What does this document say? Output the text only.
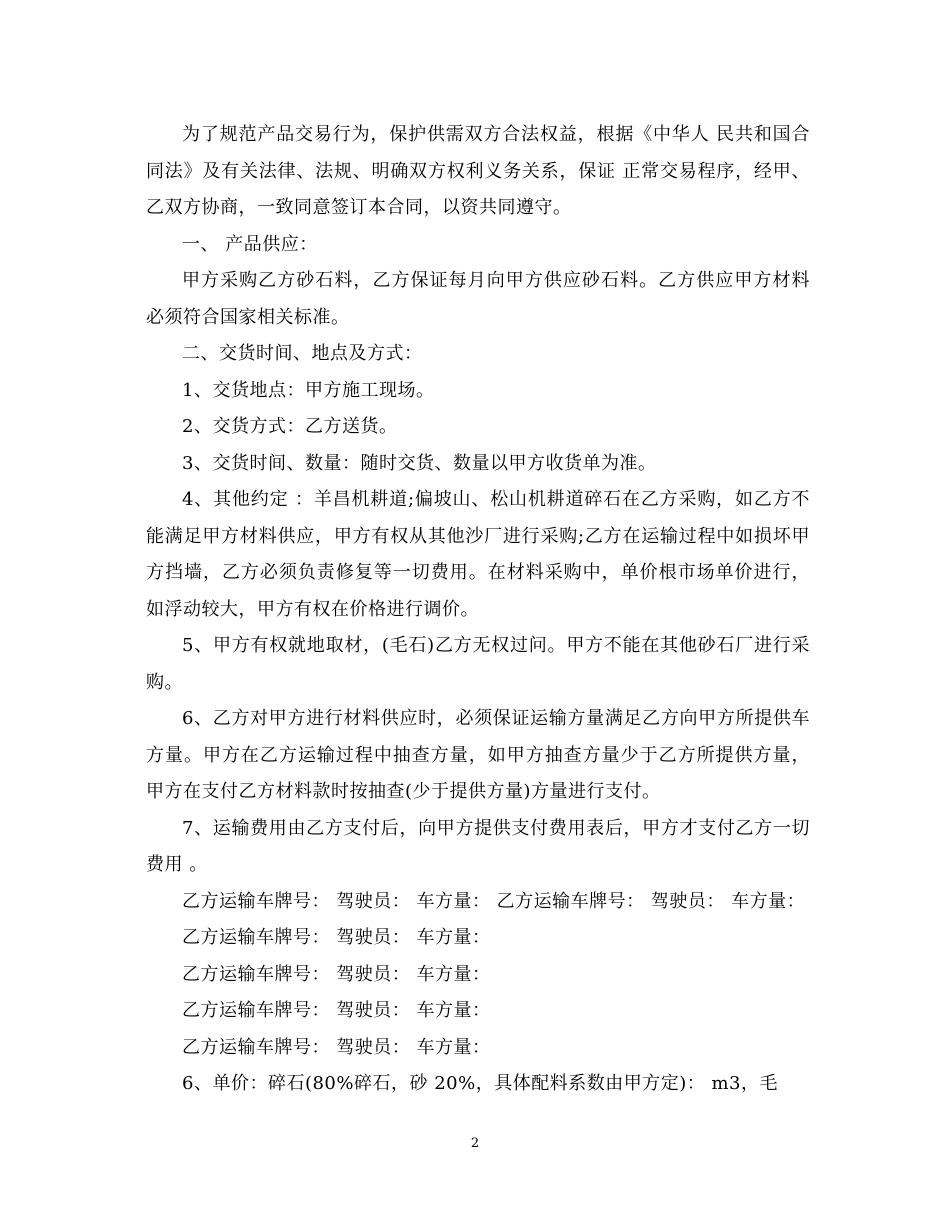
为了规范产品交易行为，保护供需双方合法权益，根据《中华人 民共和国合同法》及有关法律、法规、明确双方权利义务关系，保证 正常交易程序，经甲、乙双方协商，一致同意签订本合同，以资共同遵守。

一、 产品供应：

甲方采购乙方砂石料，乙方保证每月向甲方供应砂石料。乙方供应甲方材料必须符合国家相关标准。

二、交货时间、地点及方式：

1、交货地点：甲方施工现场。

2、交货方式：乙方送货。

3、交货时间、数量：随时交货、数量以甲方收货单为准。

4、其他约定 ：羊昌机耕道;偏坡山、松山机耕道碎石在乙方采购，如乙方不能满足甲方材料供应，甲方有权从其他沙厂进行采购;乙方在运输过程中如损坏甲方挡墙，乙方必须负责修复等一切费用。在材料采购中，单价根市场单价进行，如浮动较大，甲方有权在价格进行调价。

5、甲方有权就地取材，(毛石)乙方无权过问。甲方不能在其他砂石厂进行采购。

6、乙方对甲方进行材料供应时，必须保证运输方量满足乙方向甲方所提供车方量。甲方在乙方运输过程中抽查方量，如甲方抽查方量少于乙方所提供方量，甲方在支付乙方材料款时按抽查(少于提供方量)方量进行支付。

7、运输费用由乙方支付后，向甲方提供支付费用表后，甲方才支付乙方一切费用 。

乙方运输车牌号： 驾驶员： 车方量： 乙方运输车牌号： 驾驶员： 车方量：

乙方运输车牌号： 驾驶员： 车方量：

乙方运输车牌号： 驾驶员： 车方量：

乙方运输车牌号： 驾驶员： 车方量：

乙方运输车牌号： 驾驶员： 车方量：

6、单价：碎石(80%碎石，砂 20%，具体配料系数由甲方定)： m3，毛

2
